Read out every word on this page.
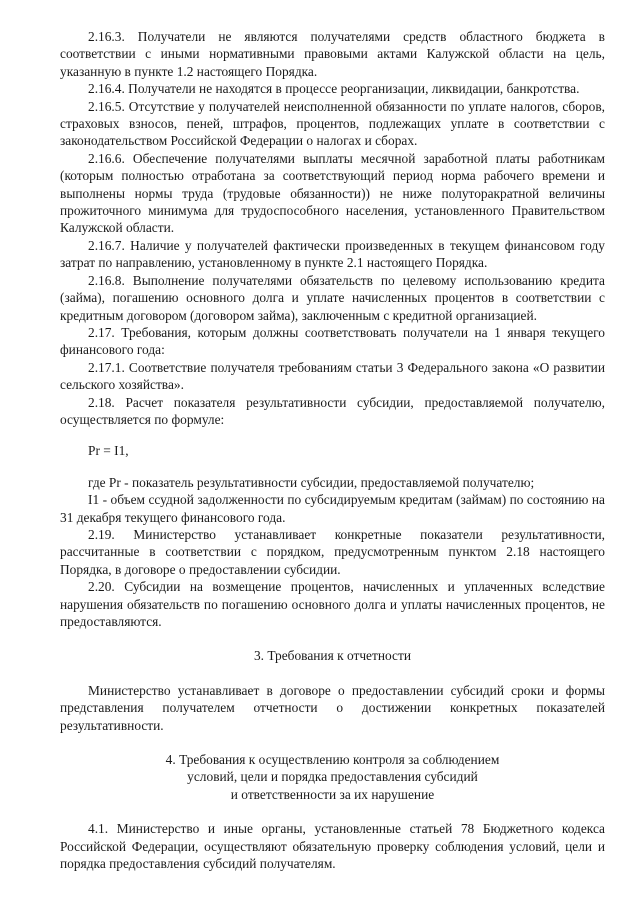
2.16.3. Получатели не являются получателями средств областного бюджета в соответствии с иными нормативными правовыми актами Калужской области на цель, указанную в пункте 1.2 настоящего Порядка.

2.16.4. Получатели не находятся в процессе реорганизации, ликвидации, банкротства.

2.16.5. Отсутствие у получателей неисполненной обязанности по уплате налогов, сборов, страховых взносов, пеней, штрафов, процентов, подлежащих уплате в соответствии с законодательством Российской Федерации о налогах и сборах.

2.16.6. Обеспечение получателями выплаты месячной заработной платы работникам (которым полностью отработана за соответствующий период норма рабочего времени и выполнены нормы труда (трудовые обязанности)) не ниже полуторакратной величины прожиточного минимума для трудоспособного населения, установленного Правительством Калужской области.

2.16.7. Наличие у получателей фактически произведенных в текущем финансовом году затрат по направлению, установленному в пункте 2.1 настоящего Порядка.

2.16.8. Выполнение получателями обязательств по целевому использованию кредита (займа), погашению основного долга и уплате начисленных процентов в соответствии с кредитным договором (договором займа), заключенным с кредитной организацией.

2.17. Требования, которым должны соответствовать получатели на 1 января текущего финансового года:

2.17.1. Соответствие получателя требованиям статьи 3 Федерального закона «О развитии сельского хозяйства».

2.18. Расчет показателя результативности субсидии, предоставляемой получателю, осуществляется по формуле:

Рr = I1,

где Рr - показатель результативности субсидии, предоставляемой получателю;

I1 - объем ссудной задолженности по субсидируемым кредитам (займам) по состоянию на 31 декабря текущего финансового года.

2.19. Министерство устанавливает конкретные показатели результативности, рассчитанные в соответствии с порядком, предусмотренным пунктом 2.18 настоящего Порядка, в договоре о предоставлении субсидии.

2.20. Субсидии на возмещение процентов, начисленных и уплаченных вследствие нарушения обязательств по погашению основного долга и уплаты начисленных процентов, не предоставляются.

3. Требования к отчетности

Министерство устанавливает в договоре о предоставлении субсидий сроки и формы представления получателем отчетности о достижении конкретных показателей результативности.

4. Требования к осуществлению контроля за соблюдением

условий, цели и порядка предоставления субсидий

и ответственности за их нарушение

4.1. Министерство и иные органы, установленные статьей 78 Бюджетного кодекса Российской Федерации, осуществляют обязательную проверку соблюдения условий, цели и порядка предоставления субсидий получателям.
